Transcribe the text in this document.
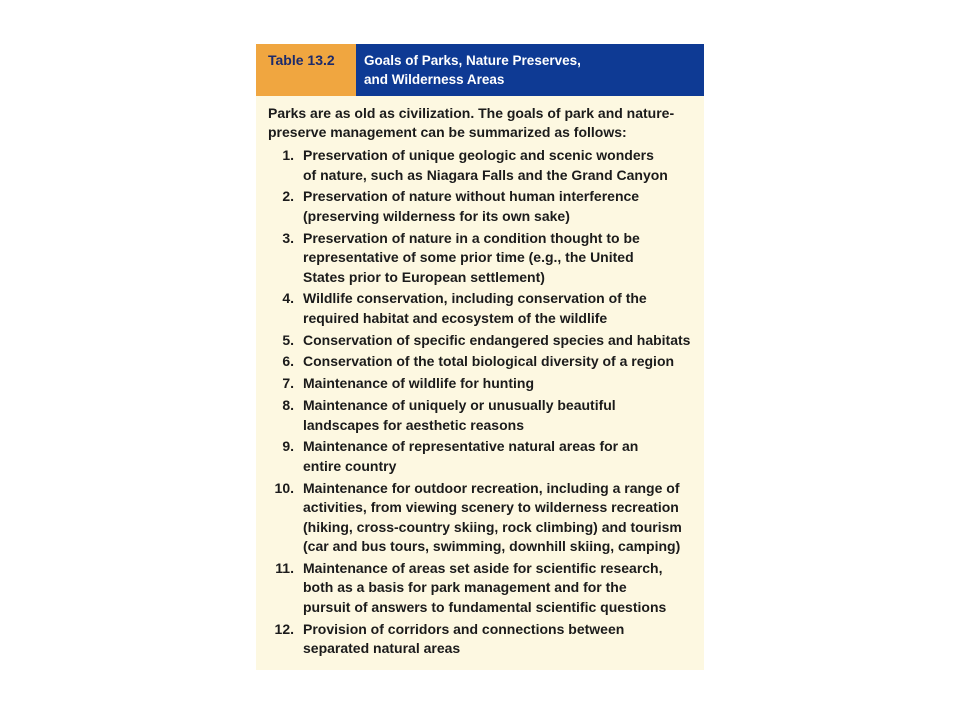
Table 13.2	Goals of Parks, Nature Preserves,
and Wilderness Areas

Parks are as old as civilization. The goals of park and nature-
preserve management can be summarized as follows:

1. Preservation of unique geologic and scenic wonders
of nature, such as Niagara Falls and the Grand Canyon
2. Preservation of nature without human interference
(preserving wilderness for its own sake)
3. Preservation of nature in a condition thought to be
representative of some prior time (e.g., the United
States prior to European settlement)
4. Wildlife conservation, including conservation of the
required habitat and ecosystem of the wildlife
5. Conservation of specific endangered species and habitats
6. Conservation of the total biological diversity of a region
7. Maintenance of wildlife for hunting
8. Maintenance of uniquely or unusually beautiful
landscapes for aesthetic reasons
9. Maintenance of representative natural areas for an
entire country
10. Maintenance for outdoor recreation, including a range of
activities, from viewing scenery to wilderness recreation
(hiking, cross-country skiing, rock climbing) and tourism
(car and bus tours, swimming, downhill skiing, camping)
11. Maintenance of areas set aside for scientific research,
both as a basis for park management and for the
pursuit of answers to fundamental scientific questions
12. Provision of corridors and connections between
separated natural areas
